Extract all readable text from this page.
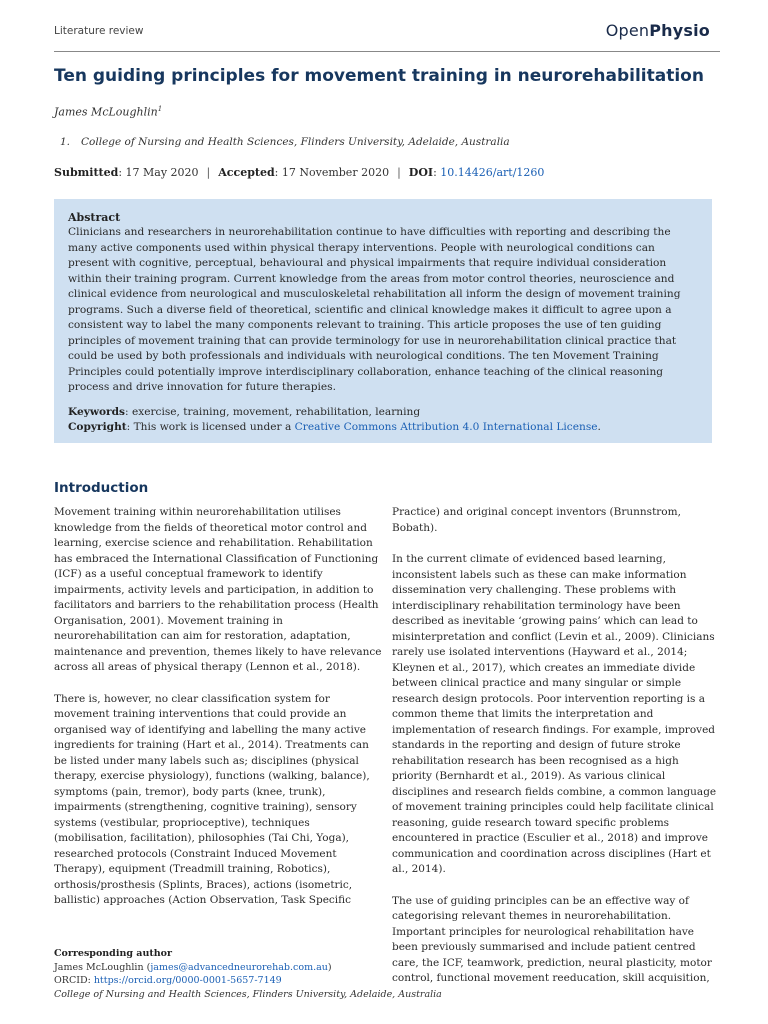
Literature review	OpenPhysio
Ten guiding principles for movement training in neurorehabilitation
James McLoughlin$^1$
1. College of Nursing and Health Sciences, Flinders University, Adelaide, Australia
Submitted: 17 May 2020 | Accepted: 17 November 2020 | DOI: 10.14426/art/1260
Abstract
Clinicians and researchers in neurorehabilitation continue to have difficulties with reporting and describing the many active components used within physical therapy interventions. People with neurological conditions can present with cognitive, perceptual, behavioural and physical impairments that require individual consideration within their training program. Current knowledge from the areas from motor control theories, neuroscience and clinical evidence from neurological and musculoskeletal rehabilitation all inform the design of movement training programs. Such a diverse field of theoretical, scientific and clinical knowledge makes it difficult to agree upon a consistent way to label the many components relevant to training. This article proposes the use of ten guiding principles of movement training that can provide terminology for use in neurorehabilitation clinical practice that could be used by both professionals and individuals with neurological conditions. The ten Movement Training Principles could potentially improve interdisciplinary collaboration, enhance teaching of the clinical reasoning process and drive innovation for future therapies.
Keywords: exercise, training, movement, rehabilitation, learning
Copyright: This work is licensed under a Creative Commons Attribution 4.0 International License.
Introduction

Movement training within neurorehabilitation utilises knowledge from the fields of theoretical motor control and learning, exercise science and rehabilitation. Rehabilitation has embraced the International Classification of Functioning (ICF) as a useful conceptual framework to identify impairments, activity levels and participation, in addition to facilitators and barriers to the rehabilitation process (Health Organisation, 2001). Movement training in neurorehabilitation can aim for restoration, adaptation, maintenance and prevention, themes likely to have relevance across all areas of physical therapy (Lennon et al., 2018).

There is, however, no clear classification system for movement training interventions that could provide an organised way of identifying and labelling the many active ingredients for training (Hart et al., 2014). Treatments can be listed under many labels such as; disciplines (physical therapy, exercise physiology), functions (walking, balance), symptoms (pain, tremor), body parts (knee, trunk), impairments (strengthening, cognitive training), sensory systems (vestibular, proprioceptive), techniques (mobilisation, facilitation), philosophies (Tai Chi, Yoga), researched protocols (Constraint Induced Movement Therapy), equipment (Treadmill training, Robotics), orthosis/prosthesis (Splints, Braces), actions (isometric, ballistic) approaches (Action Observation, Task Specific

Practice) and original concept inventors (Brunnstrom, Bobath).

In the current climate of evidenced based learning, inconsistent labels such as these can make information dissemination very challenging. These problems with interdisciplinary rehabilitation terminology have been described as inevitable ‘growing pains’ which can lead to misinterpretation and conflict (Levin et al., 2009). Clinicians rarely use isolated interventions (Hayward et al., 2014; Kleynen et al., 2017), which creates an immediate divide between clinical practice and many singular or simple research design protocols. Poor intervention reporting is a common theme that limits the interpretation and implementation of research findings. For example, improved standards in the reporting and design of future stroke rehabilitation research has been recognised as a high priority (Bernhardt et al., 2019). As various clinical disciplines and research fields combine, a common language of movement training principles could help facilitate clinical reasoning, guide research toward specific problems encountered in practice (Esculier et al., 2018) and improve communication and coordination across disciplines (Hart et al., 2014).

The use of guiding principles can be an effective way of categorising relevant themes in neurorehabilitation. Important principles for neurological rehabilitation have been previously summarised and include patient centred care, the ICF, teamwork, prediction, neural plasticity, motor control, functional movement reeducation, skill acquisition,

Corresponding author
James McLoughlin (james@advancedneurorehab.com.au)
ORCID: https://orcid.org/0000-0001-5657-7149
College of Nursing and Health Sciences, Flinders University, Adelaide, Australia
